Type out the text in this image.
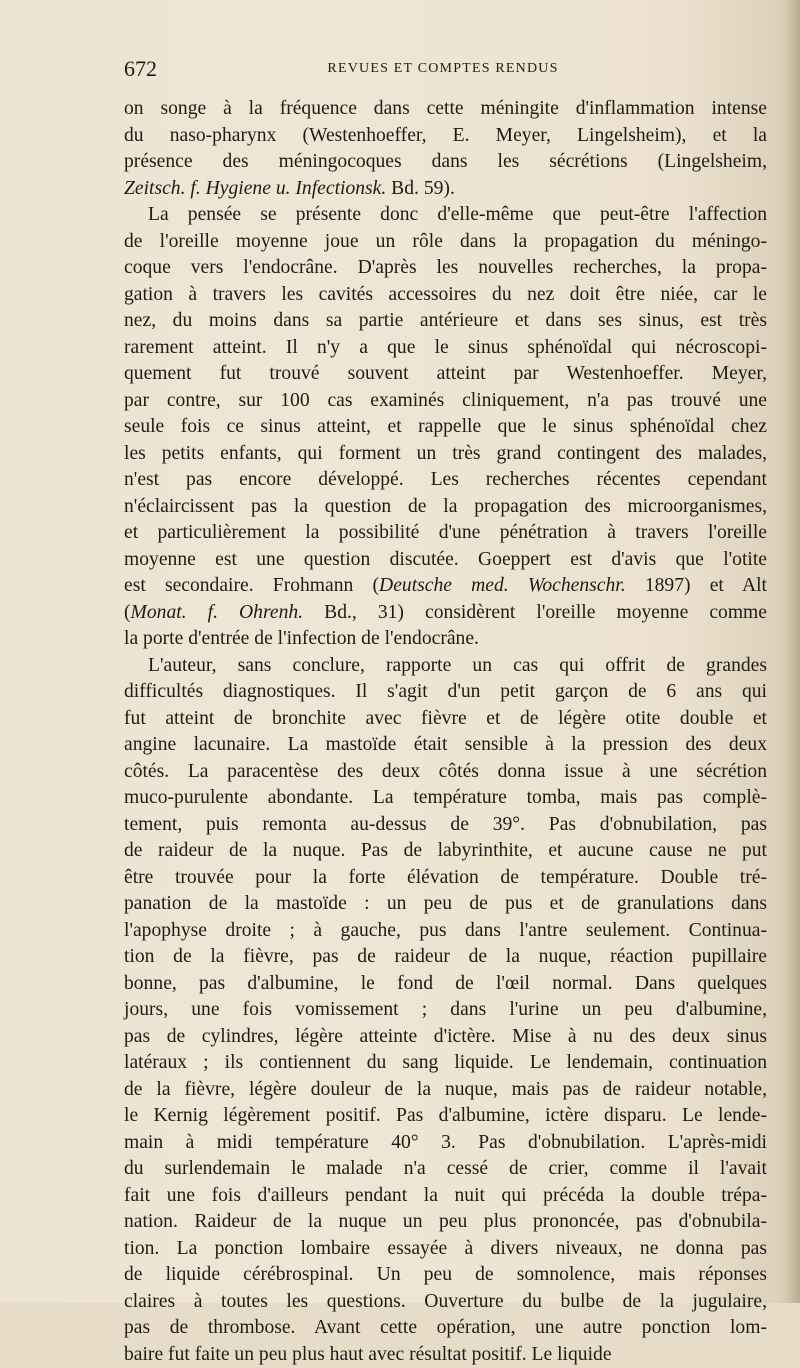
672	REVUES ET COMPTES RENDUS
on songe à la fréquence dans cette méningite d'inflammation intense
du naso-pharynx (Westenhoeffer, E. Meyer, Lingelsheim), et la
présence des méningocoques dans les sécrétions (Lingelsheim,
Zeitsch. f. Hygiene u. Infectionsk. Bd. 59).
La pensée se présente donc d'elle-même que peut-être l'affection
de l'oreille moyenne joue un rôle dans la propagation du méningo-
coque vers l'endocrâne. D'après les nouvelles recherches, la propa-
gation à travers les cavités accessoires du nez doit être niée, car le
nez, du moins dans sa partie antérieure et dans ses sinus, est très
rarement atteint. Il n'y a que le sinus sphénoïdal qui nécroscopi-
quement fut trouvé souvent atteint par Westenhoeffer. Meyer,
par contre, sur 100 cas examinés cliniquement, n'a pas trouvé une
seule fois ce sinus atteint, et rappelle que le sinus sphénoïdal chez
les petits enfants, qui forment un très grand contingent des malades,
n'est pas encore développé. Les recherches récentes cependant
n'éclaircissent pas la question de la propagation des microorganismes,
et particulièrement la possibilité d'une pénétration à travers l'oreille
moyenne est une question discutée. Goeppert est d'avis que l'otite
est secondaire. Frohmann (Deutsche med. Wochenschr. 1897) et Alt
(Monat. f. Ohrenh. Bd., 31) considèrent l'oreille moyenne comme
la porte d'entrée de l'infection de l'endocrâne.
L'auteur, sans conclure, rapporte un cas qui offrit de grandes
difficultés diagnostiques. Il s'agit d'un petit garçon de 6 ans qui
fut atteint de bronchite avec fièvre et de légère otite double et
angine lacunaire. La mastoïde était sensible à la pression des deux
côtés. La paracentèse des deux côtés donna issue à une sécrétion
muco-purulente abondante. La température tomba, mais pas complè-
tement, puis remonta au-dessus de 39°. Pas d'obnubilation, pas
de raideur de la nuque. Pas de labyrinthite, et aucune cause ne put
être trouvée pour la forte élévation de température. Double tré-
panation de la mastoïde : un peu de pus et de granulations dans
l'apophyse droite ; à gauche, pus dans l'antre seulement. Continua-
tion de la fièvre, pas de raideur de la nuque, réaction pupillaire
bonne, pas d'albumine, le fond de l'œil normal. Dans quelques
jours, une fois vomissement ; dans l'urine un peu d'albumine,
pas de cylindres, légère atteinte d'ictère. Mise à nu des deux sinus
latéraux ; ils contiennent du sang liquide. Le lendemain, continuation
de la fièvre, légère douleur de la nuque, mais pas de raideur notable,
le Kernig légèrement positif. Pas d'albumine, ictère disparu. Le lende-
main à midi température 40° 3. Pas d'obnubilation. L'après-midi
du surlendemain le malade n'a cessé de crier, comme il l'avait
fait une fois d'ailleurs pendant la nuit qui précéda la double trépa-
nation. Raideur de la nuque un peu plus prononcée, pas d'obnubila-
tion. La ponction lombaire essayée à divers niveaux, ne donna pas
de liquide cérébrospinal. Un peu de somnolence, mais réponses
claires à toutes les questions. Ouverture du bulbe de la jugulaire,
pas de thrombose. Avant cette opération, une autre ponction lom-
baire fut faite un peu plus haut avec résultat positif. Le liquide
